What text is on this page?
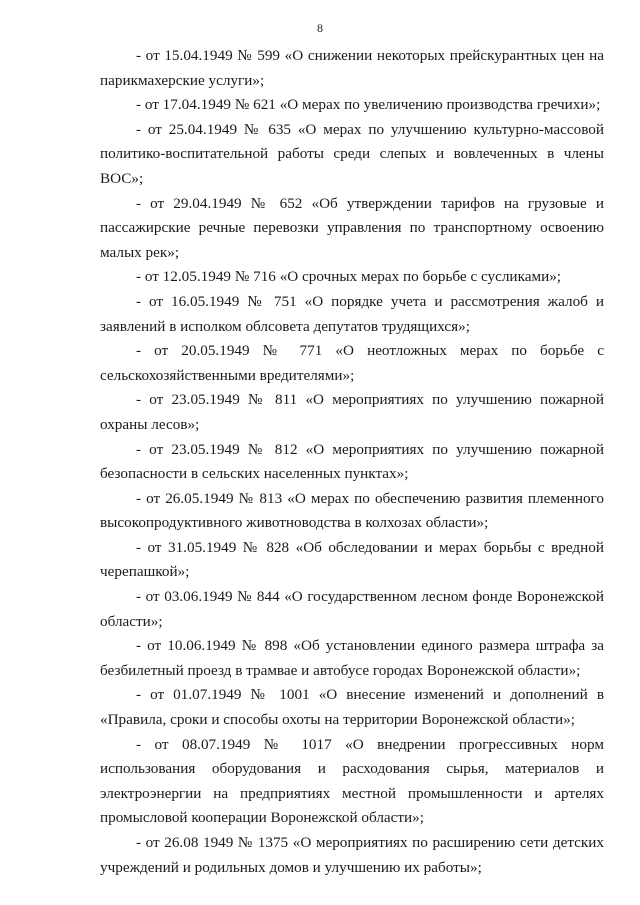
8

- от 15.04.1949 № 599 «О снижении некоторых прейскурантных цен на парикмахерские услуги»;

- от 17.04.1949 № 621 «О мерах по увеличению производства гречихи»;

- от 25.04.1949 № 635 «О мерах по улучшению культурно-массовой политико-воспитательной работы среди слепых и вовлеченных в члены ВОС»;

- от 29.04.1949 № 652 «Об утверждении тарифов на грузовые и пассажирские речные перевозки управления по транспортному освоению малых рек»;

- от 12.05.1949 № 716 «О срочных мерах по борьбе с сусликами»;

- от 16.05.1949 № 751 «О порядке учета и рассмотрения жалоб и заявлений в исполком облсовета депутатов трудящихся»;

- от 20.05.1949 № 771 «О неотложных мерах по борьбе с сельскохозяйственными вредителями»;

- от 23.05.1949 № 811 «О мероприятиях по улучшению пожарной охраны лесов»;

- от 23.05.1949 № 812 «О мероприятиях по улучшению пожарной безопасности в сельских населенных пунктах»;

- от 26.05.1949 № 813 «О мерах по обеспечению развития племенного высокопродуктивного животноводства в колхозах области»;

- от 31.05.1949 № 828 «Об обследовании и мерах борьбы с вредной черепашкой»;

- от 03.06.1949 № 844 «О государственном лесном фонде Воронежской области»;

- от 10.06.1949 № 898 «Об установлении единого размера штрафа за безбилетный проезд в трамвае и автобусе городах Воронежской области»;

- от 01.07.1949 № 1001 «О внесение изменений и дополнений в «Правила, сроки и способы охоты на территории Воронежской области»;

- от 08.07.1949 № 1017 «О внедрении прогрессивных норм использования оборудования и расходования сырья, материалов и электроэнергии на предприятиях местной промышленности и артелях промысловой кооперации Воронежской области»;

- от 26.08 1949 № 1375 «О мероприятиях по расширению сети детских учреждений и родильных домов и улучшению их работы»;
